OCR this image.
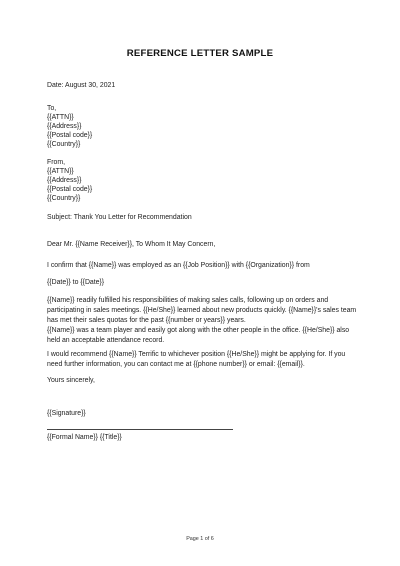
REFERENCE LETTER SAMPLE
Date: August 30, 2021
To,
{{ATTN}}
{{Address}}
{{Postal code}}
{{Country}}
From,
{{ATTN}}
{{Address}}
{{Postal code}}
{{Country}}
Subject: Thank You Letter for Recommendation
Dear Mr. {{Name Receiver}}, To Whom It May Concern,
I confirm that {{Name}} was employed as an {{Job Position}} with {{Organization}} from
{{Date}} to {{Date}}
{{Name}} readily fulfilled his responsibilities of making sales calls, following up on orders and participating in sales meetings. {{He/She}} learned about new products quickly. {{Name}}'s sales team has met their sales quotas for the past {{number or years}} years.
{{Name}} was a team player and easily got along with the other people in the office. {{He/She}} also held an acceptable attendance record.
I would recommend {{Name}} Terrific to whichever position {{He/She}} might be applying for. If you need further information, you can contact me at {{phone number}} or email: {{email}}.
Yours sincerely,
{{Signature}}
{{Formal Name}} {{Title}}
Page 1 of 6
